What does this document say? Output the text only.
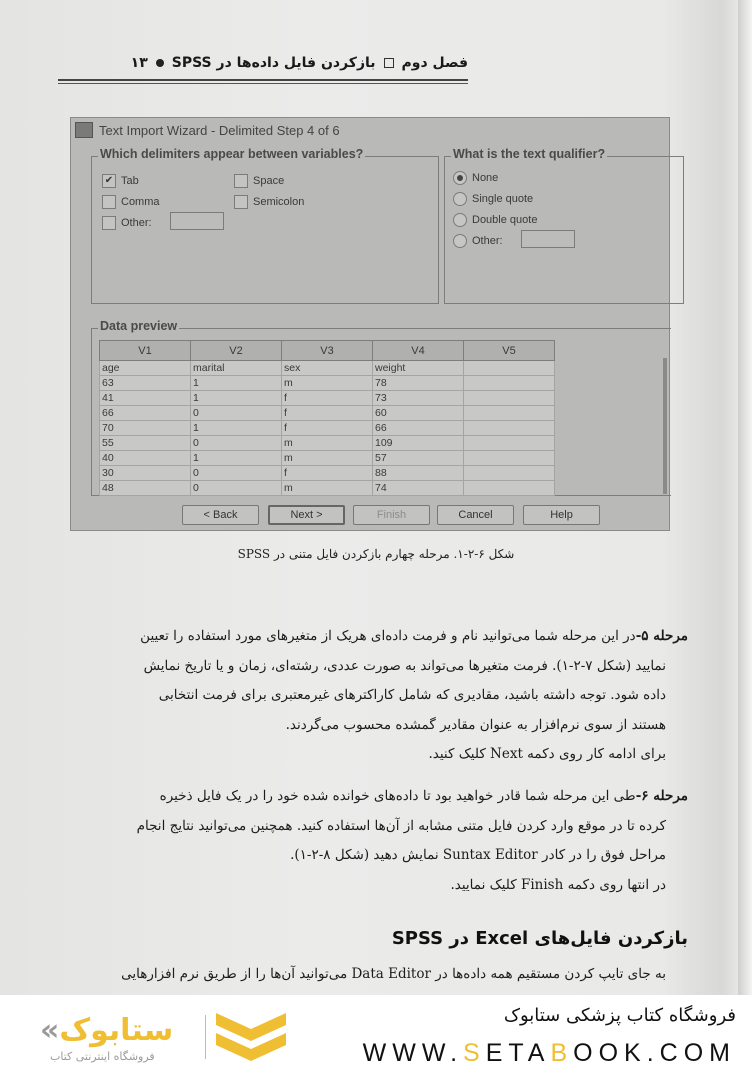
فصل دوم
بازکردن فایل داده‌ها در SPSS
۱۳
Text Import Wizard - Delimited Step 4 of 6
Which delimiters appear between variables?
✔ Tab	Space
Comma	Semicolon
Other:
What is the text qualifier?
None
Single quote
Double quote
Other:
Data preview
V1	V2	V3	V4	V5
age	marital	sex	weight	
63	1	m	78	
41	1	f	73	
66	0	f	60	
70	1	f	66	
55	0	m	109	
40	1	m	57	
30	0	f	88	
48	0	m	74	
< Back	Next >	Finish	Cancel	Help
شکل ۶-۲-۱. مرحله چهارم بازکردن فایل متنی در SPSS

مرحله ۵-در این مرحله شما می‌توانید نام و فرمت داده‌ای هریک از متغیرهای مورد استفاده را تعیین

نمایید (شکل ۷-۲-۱). فرمت متغیرها می‌تواند به صورت عددی، رشته‌ای، زمان و یا تاریخ نمایش

داده شود. توجه داشته باشید، مقادیری که شامل کاراکترهای غیرمعتبری برای فرمت انتخابی

هستند از سوی نرم‌افزار به عنوان مقادیر گمشده محسوب می‌گردند.

برای ادامه کار روی دکمه Next کلیک کنید.

مرحله ۶-طی این مرحله شما قادر خواهید بود تا داده‌های خوانده شده خود را در یک فایل ذخیره

کرده تا در موقع وارد کردن فایل متنی مشابه از آن‌ها استفاده کنید. همچنین می‌توانید نتایج انجام

مراحل فوق را در کادر Suntax Editor نمایش دهید (شکل ۸-۲-۱).

در انتها روی دکمه Finish کلیک نمایید.

بازکردن فایل‌های Excel در SPSS

به جای تایپ کردن مستقیم همه داده‌ها در Data Editor می‌توانید آن‌ها را از طریق نرم افزارهایی

«ستابوک
فروشگاه اینترنتی کتاب
فروشگاه کتاب پزشکی ستابوک
WWW.SETABOOK.COM
